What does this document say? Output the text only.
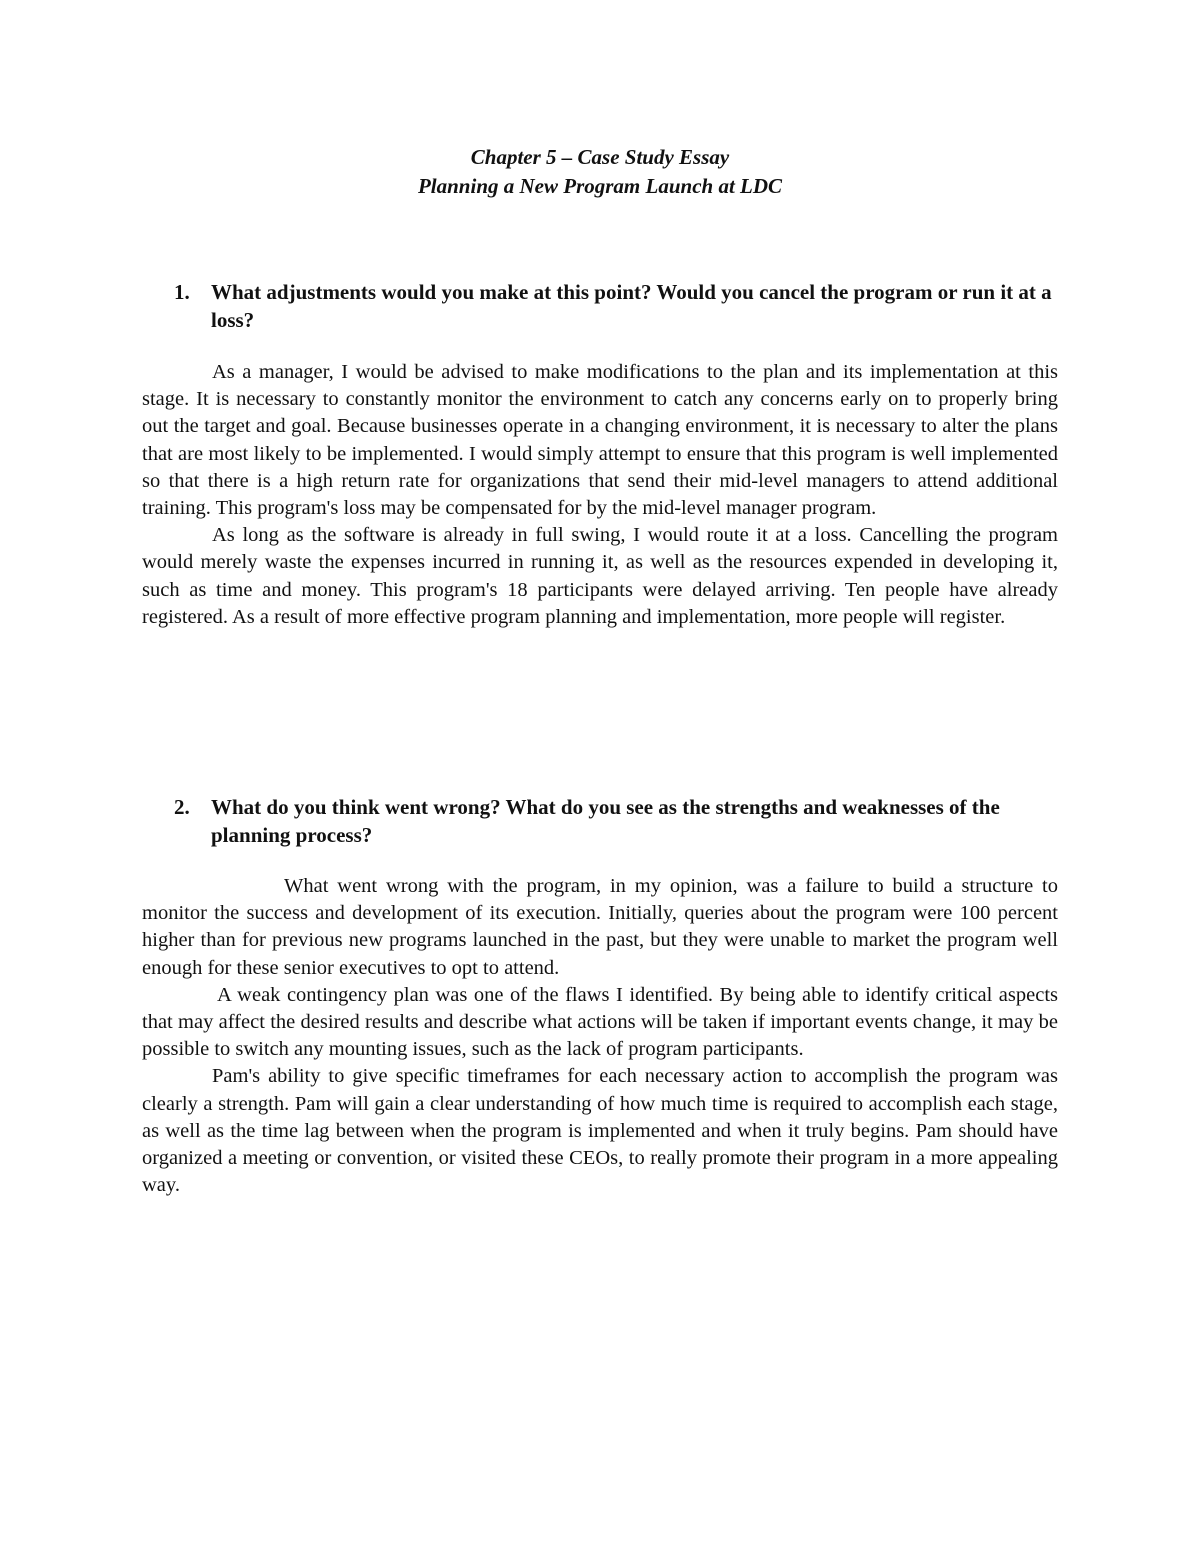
Chapter 5 – Case Study Essay
Planning a New Program Launch at LDC
1. What adjustments would you make at this point? Would you cancel the program or run it at a loss?

As a manager, I would be advised to make modifications to the plan and its implementation at this stage. It is necessary to constantly monitor the environment to catch any concerns early on to properly bring out the target and goal. Because businesses operate in a changing environment, it is necessary to alter the plans that are most likely to be implemented. I would simply attempt to ensure that this program is well implemented so that there is a high return rate for organizations that send their mid-level managers to attend additional training. This program's loss may be compensated for by the mid-level manager program.

As long as the software is already in full swing, I would route it at a loss. Cancelling the program would merely waste the expenses incurred in running it, as well as the resources expended in developing it, such as time and money. This program's 18 participants were delayed arriving. Ten people have already registered. As a result of more effective program planning and implementation, more people will register.

2. What do you think went wrong? What do you see as the strengths and weaknesses of the planning process?

What went wrong with the program, in my opinion, was a failure to build a structure to monitor the success and development of its execution. Initially, queries about the program were 100 percent higher than for previous new programs launched in the past, but they were unable to market the program well enough for these senior executives to opt to attend.

A weak contingency plan was one of the flaws I identified. By being able to identify critical aspects that may affect the desired results and describe what actions will be taken if important events change, it may be possible to switch any mounting issues, such as the lack of program participants.

Pam's ability to give specific timeframes for each necessary action to accomplish the program was clearly a strength. Pam will gain a clear understanding of how much time is required to accomplish each stage, as well as the time lag between when the program is implemented and when it truly begins. Pam should have organized a meeting or convention, or visited these CEOs, to really promote their program in a more appealing way.
